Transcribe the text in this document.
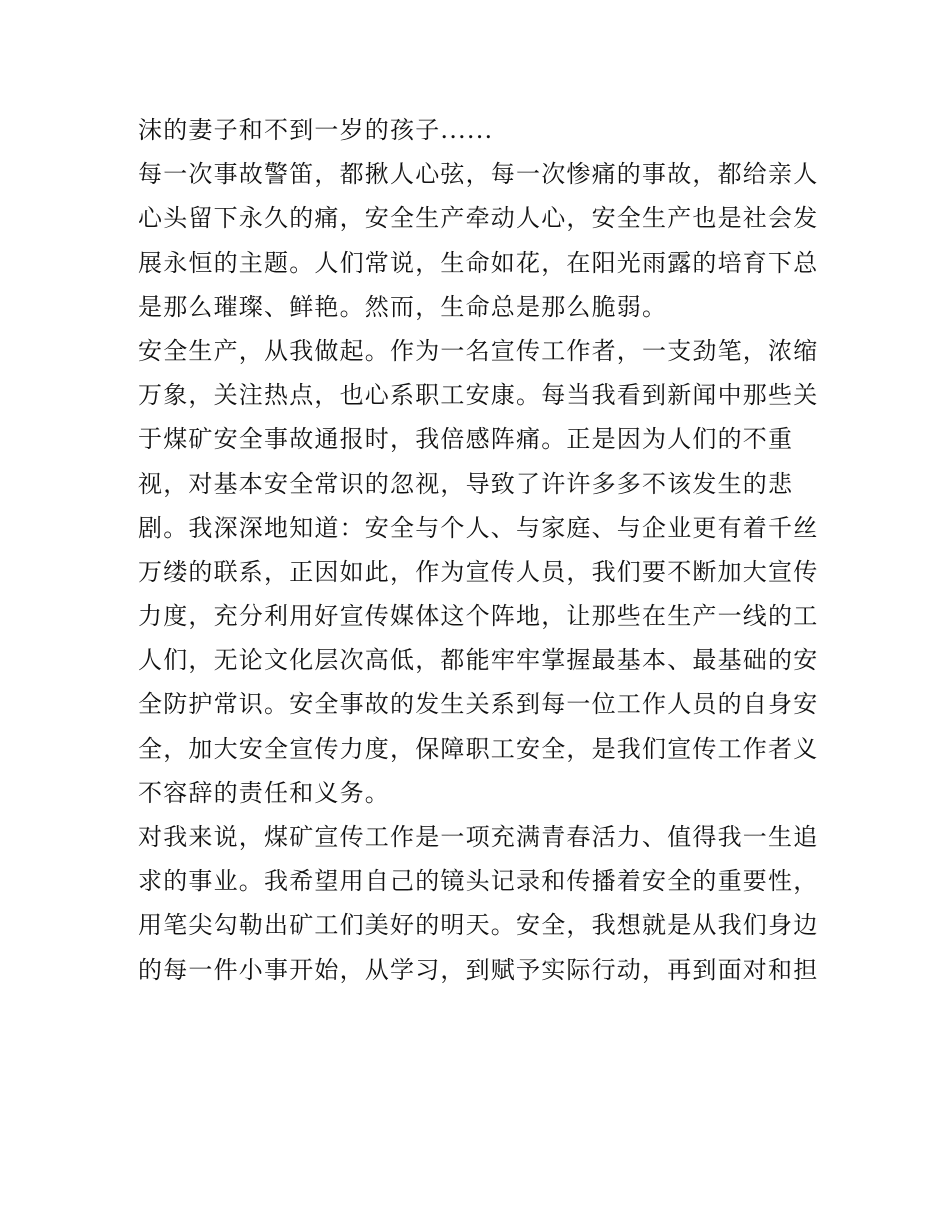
沫的妻子和不到一岁的孩子......
每一次事故警笛，都揪人心弦，每一次惨痛的事故，都给亲人
心头留下永久的痛，安全生产牵动人心，安全生产也是社会发
展永恒的主题。人们常说，生命如花，在阳光雨露的培育下总
是那么璀璨、鲜艳。然而，生命总是那么脆弱。
安全生产，从我做起。作为一名宣传工作者，一支劲笔，浓缩
万象，关注热点，也心系职工安康。每当我看到新闻中那些关
于煤矿安全事故通报时，我倍感阵痛。正是因为人们的不重
视，对基本安全常识的忽视，导致了许许多多不该发生的悲
剧。我深深地知道：安全与个人、与家庭、与企业更有着千丝
万缕的联系，正因如此，作为宣传人员，我们要不断加大宣传
力度，充分利用好宣传媒体这个阵地，让那些在生产一线的工
人们，无论文化层次高低，都能牢牢掌握最基本、最基础的安
全防护常识。安全事故的发生关系到每一位工作人员的自身安
全，加大安全宣传力度，保障职工安全，是我们宣传工作者义
不容辞的责任和义务。
对我来说，煤矿宣传工作是一项充满青春活力、值得我一生追
求的事业。我希望用自己的镜头记录和传播着安全的重要性，
用笔尖勾勒出矿工们美好的明天。安全，我想就是从我们身边
的每一件小事开始，从学习，到赋予实际行动，再到面对和担
